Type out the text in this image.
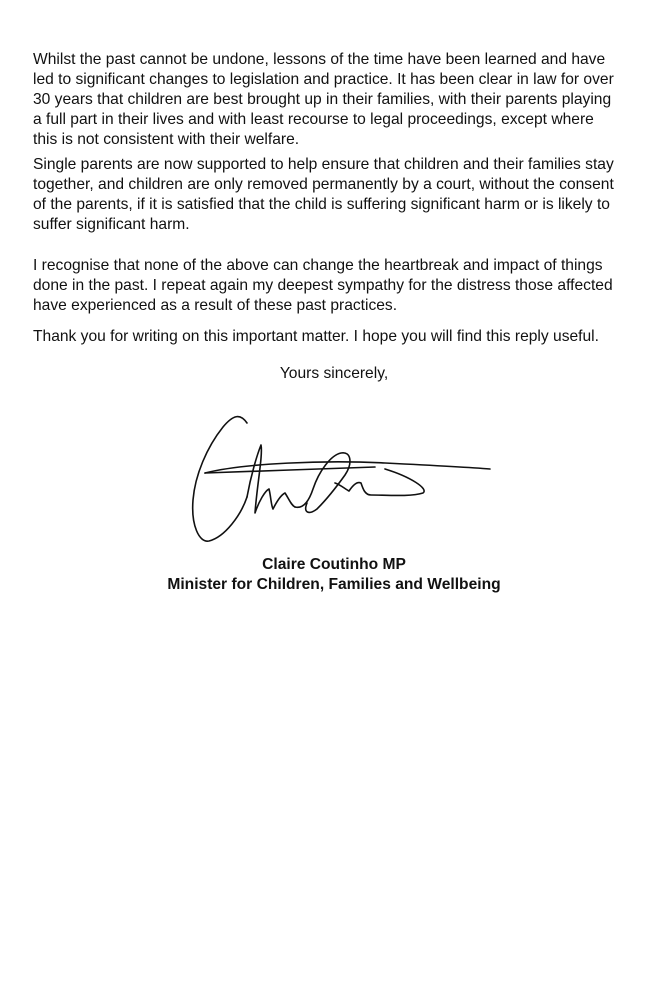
Whilst the past cannot be undone, lessons of the time have been learned and have
led to significant changes to legislation and practice. It has been clear in law for over
30 years that children are best brought up in their families, with their parents playing
a full part in their lives and with least recourse to legal proceedings, except where
this is not consistent with their welfare.

Single parents are now supported to help ensure that children and their families stay
together, and children are only removed permanently by a court, without the consent
of the parents, if it is satisfied that the child is suffering significant harm or is likely to
suffer significant harm.

I recognise that none of the above can change the heartbreak and impact of things
done in the past. I repeat again my deepest sympathy for the distress those affected
have experienced as a result of these past practices.

Thank you for writing on this important matter. I hope you will find this reply useful.

Yours sincerely,
Claire Coutinho MP
Minister for Children, Families and Wellbeing
